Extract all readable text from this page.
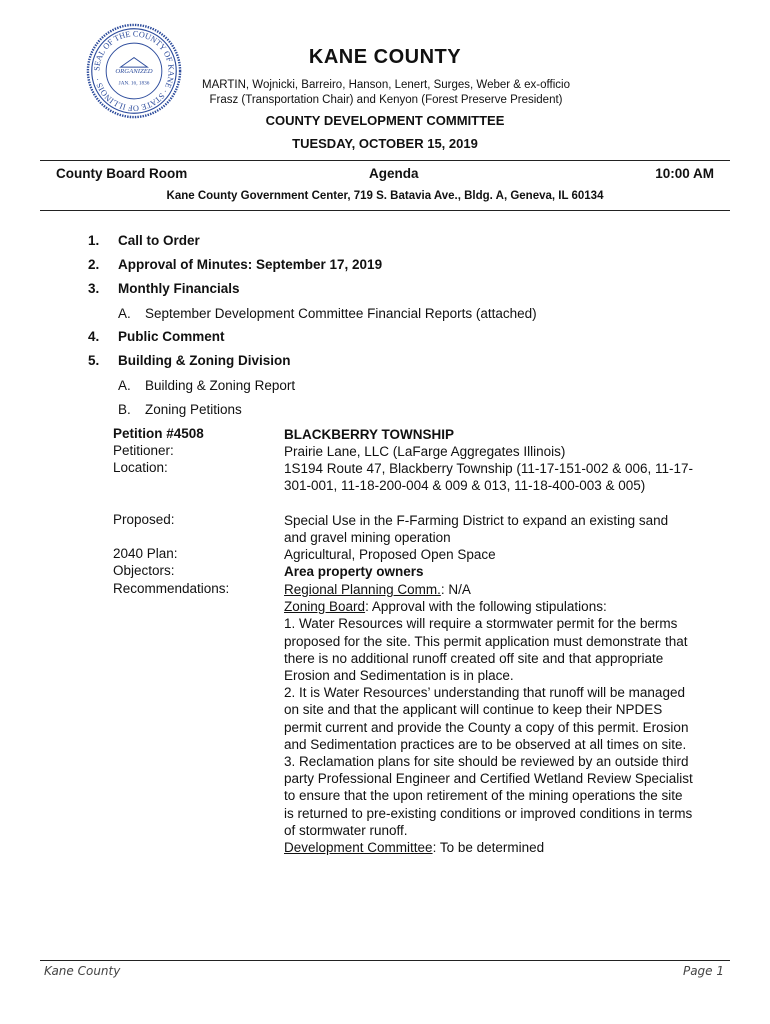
SEAL OF THE COUNTY OF KANE · STATE OF ILLINOIS ·
ORGANIZED
JAN. 16, 1836
KANE COUNTY
MARTIN, Wojnicki, Barreiro, Hanson, Lenert, Surges, Weber & ex-officio
Frasz (Transportation Chair) and Kenyon (Forest Preserve President)
COUNTY DEVELOPMENT COMMITTEE
TUESDAY, OCTOBER 15, 2019
County Board Room	Agenda	10:00 AM
Kane County Government Center, 719 S. Batavia Ave., Bldg. A, Geneva, IL 60134
1. Call to Order
2. Approval of Minutes: September 17, 2019
3. Monthly Financials
A. September Development Committee Financial Reports (attached)
4. Public Comment
5. Building & Zoning Division
A. Building & Zoning Report
B. Zoning Petitions
Petition #4508	BLACKBERRY TOWNSHIP
Petitioner:	Prairie Lane, LLC (LaFarge Aggregates Illinois)
Location:	1S194 Route 47, Blackberry Township (11-17-151-002 & 006, 11-17-301-001, 11-18-200-004 & 009 & 013, 11-18-400-003 & 005)
Proposed:	Special Use in the F-Farming District to expand an existing sand and gravel mining operation
2040 Plan:	Agricultural, Proposed Open Space
Objectors:	Area property owners
Recommendations:	Regional Planning Comm.: N/A
Zoning Board: Approval with the following stipulations:
1. Water Resources will require a stormwater permit for the berms proposed for the site. This permit application must demonstrate that there is no additional runoff created off site and that appropriate Erosion and Sedimentation is in place.
2. It is Water Resources’ understanding that runoff will be managed on site and that the applicant will continue to keep their NPDES permit current and provide the County a copy of this permit. Erosion and Sedimentation practices are to be observed at all times on site.
3. Reclamation plans for site should be reviewed by an outside third party Professional Engineer and Certified Wetland Review Specialist to ensure that the upon retirement of the mining operations the site is returned to pre-existing conditions or improved conditions in terms of stormwater runoff.
Development Committee: To be determined
Kane County	Page 1
